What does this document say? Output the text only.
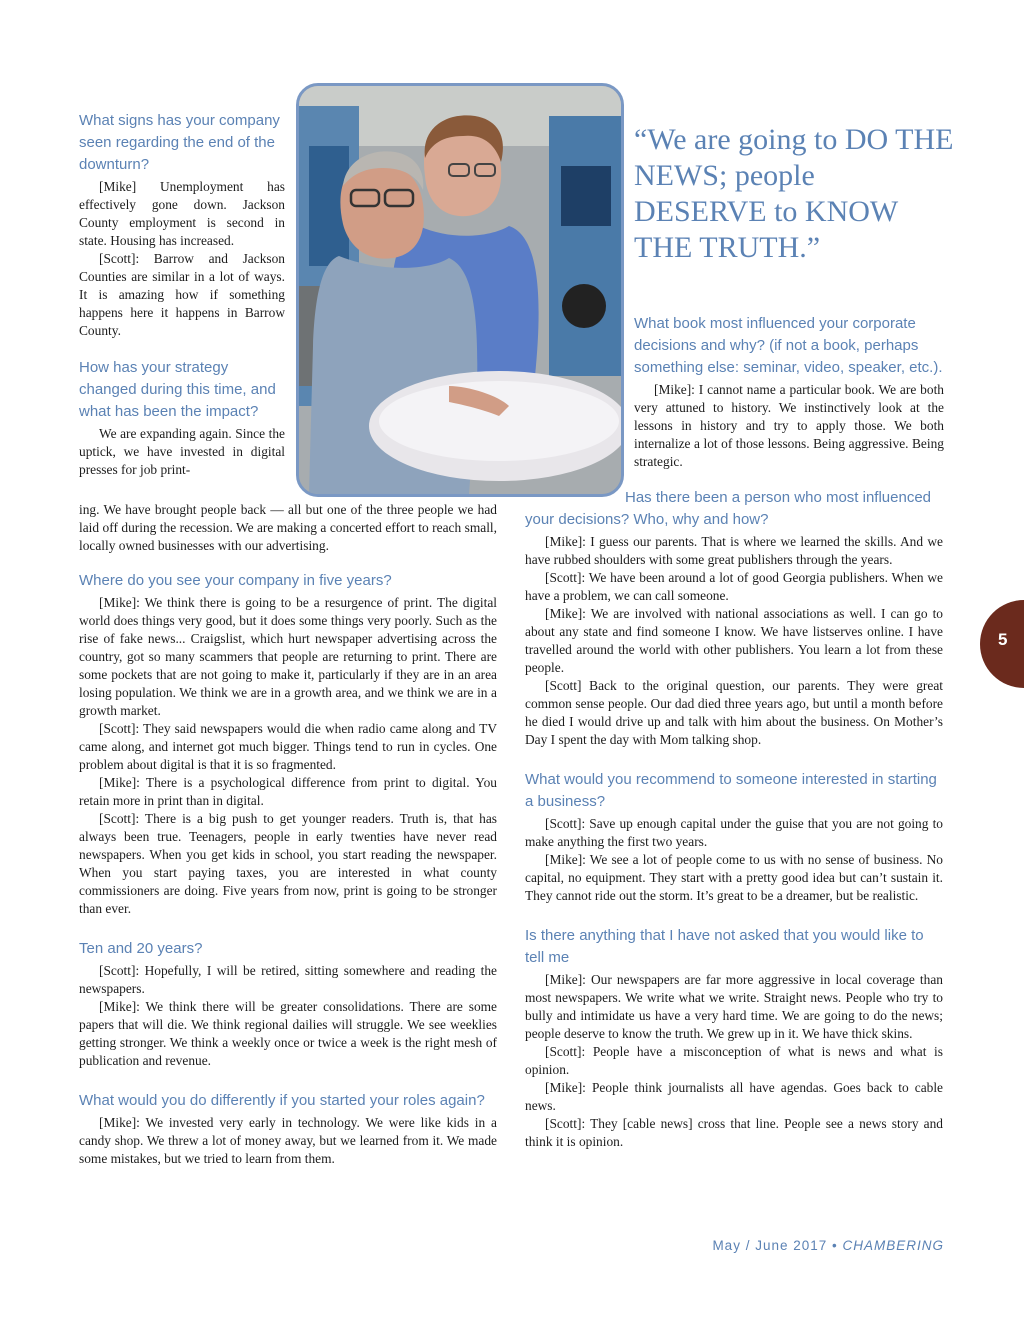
What signs has your company seen regarding the end of the downturn?

[Mike] Unemployment has effectively gone down. Jackson County employment is second in state. Housing has increased.

[Scott]: Barrow and Jackson Counties are similar in a lot of ways. It is amazing how if something happens here it happens in Barrow County.

How has your strategy changed during this time, and what has been the impact?

We are expanding again. Since the uptick, we have invested in digital presses for job print-

ing. We have brought people back — all but one of the three people we had laid off during the recession. We are making a concerted effort to reach small, locally owned businesses with our advertising.

Where do you see your company in five years?

[Mike]: We think there is going to be a resurgence of print. The digital world does things very good, but it does some things very poorly. Such as the rise of fake news... Craigslist, which hurt newspaper advertising across the country, got so many scammers that people are returning to print. There are some pockets that are not going to make it, particularly if they are in an area losing population. We think we are in a growth area, and we think we are in a growth market.

[Scott]: They said newspapers would die when radio came along and TV came along, and internet got much bigger. Things tend to run in cycles. One problem about digital is that it is so fragmented.

[Mike]: There is a psychological difference from print to digital. You retain more in print than in digital.

[Scott]: There is a big push to get younger readers. Truth is, that has always been true. Teenagers, people in early twenties have never read newspapers. When you get kids in school, you start reading the newspaper. When you start paying taxes, you are interested in what county commissioners are doing. Five years from now, print is going to be stronger than ever.

Ten and 20 years?

[Scott]: Hopefully, I will be retired, sitting somewhere and reading the newspapers.

[Mike]: We think there will be greater consolidations. There are some papers that will die. We think regional dailies will struggle. We see weeklies getting stronger. We think a weekly once or twice a week is the right mesh of publication and revenue.

What would you do differently if you started your roles again?

[Mike]: We invested very early in technology. We were like kids in a candy shop. We threw a lot of money away, but we learned from it. We made some mistakes, but we tried to learn from them.

“We are going to DO THE NEWS; people DESERVE to KNOW THE TRUTH.”

What book most influenced your corporate decisions and why? (if not a book, perhaps something else: seminar, video, speaker, etc.).

[Mike]: I cannot name a particular book. We are both very attuned to history. We instinctively look at the lessons in history and try to apply those. We both internalize a lot of those lessons. Being aggressive. Being strategic.

Has there been a person who most influenced your decisions? Who, why and how?

[Mike]: I guess our parents. That is where we learned the skills. And we have rubbed shoulders with some great publishers through the years.

[Scott]: We have been around a lot of good Georgia publishers. When we have a problem, we can call someone.

[Mike]: We are involved with national associations as well. I can go to about any state and find someone I know. We have listserves online. I have travelled around the world with other publishers. You learn a lot from these people.

[Scott] Back to the original question, our parents. They were great common sense people. Our dad died three years ago, but until a month before he died I would drive up and talk with him about the business. On Mother’s Day I spent the day with Mom talking shop.

What would you recommend to someone interested in starting a business?

[Scott]: Save up enough capital under the guise that you are not going to make anything the first two years.

[Mike]: We see a lot of people come to us with no sense of business. No capital, no equipment. They start with a pretty good idea but can’t sustain it. They cannot ride out the storm. It’s great to be a dreamer, but be realistic.

Is there anything that I have not asked that you would like to tell me

[Mike]: Our newspapers are far more aggressive in local coverage than most newspapers. We write what we write. Straight news. People who try to bully and intimidate us have a very hard time. We are going to do the news; people deserve to know the truth. We grew up in it. We have thick skins.

[Scott]: People have a misconception of what is news and what is opinion.

[Mike]: People think journalists all have agendas. Goes back to cable news.

[Scott]: They [cable news] cross that line. People see a news story and think it is opinion.

5
May / June 2017 • CHAMBERING
